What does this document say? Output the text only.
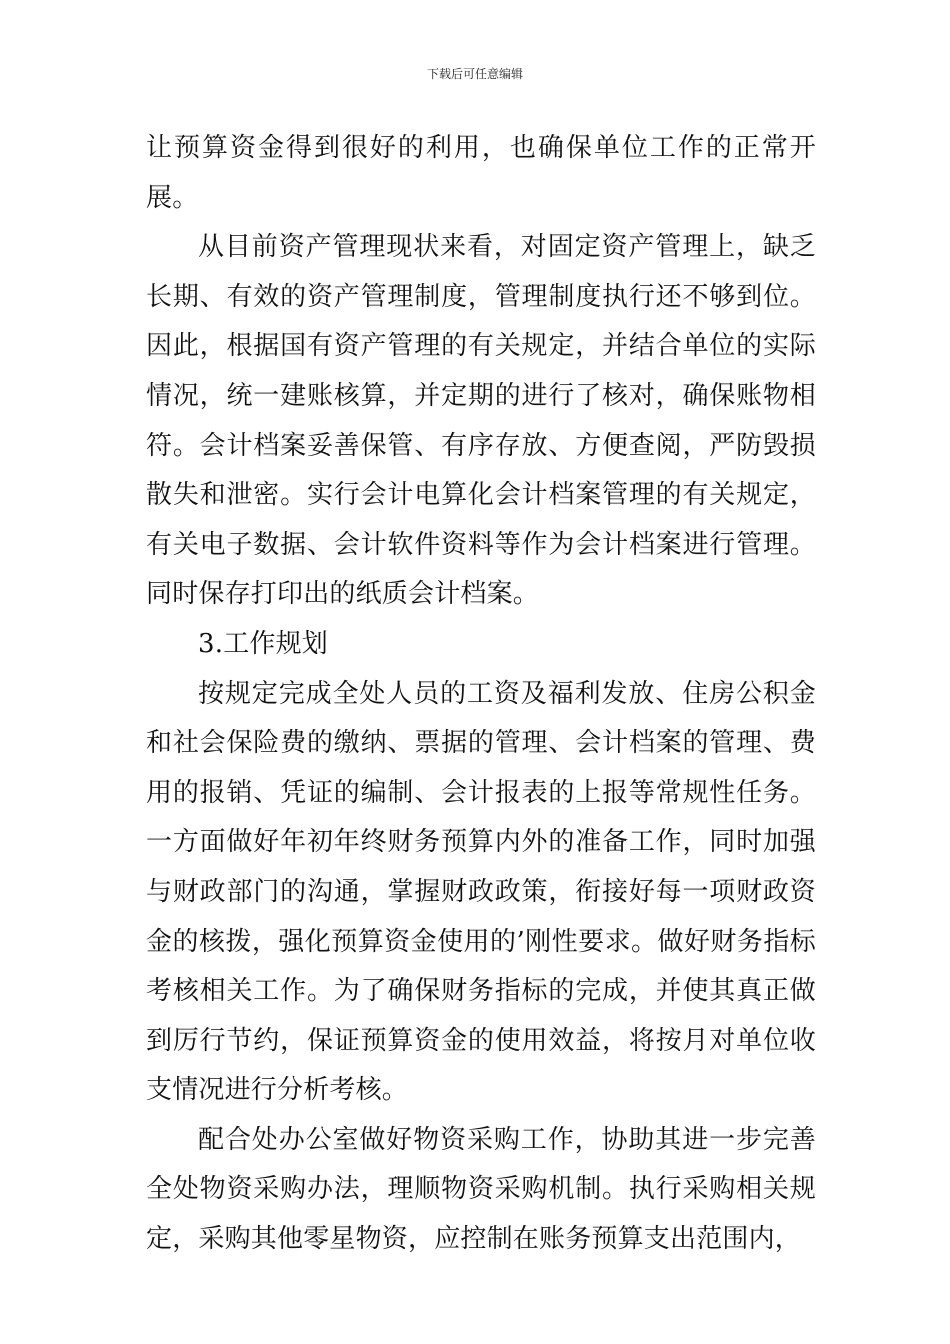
下载后可任意编辑

让预算资金得到很好的利用，也确保单位工作的正常开展。

从目前资产管理现状来看，对固定资产管理上，缺乏长期、有效的资产管理制度，管理制度执行还不够到位。因此，根据国有资产管理的有关规定，并结合单位的实际情况，统一建账核算，并定期的进行了核对，确保账物相符。会计档案妥善保管、有序存放、方便查阅，严防毁损散失和泄密。实行会计电算化会计档案管理的有关规定，有关电子数据、会计软件资料等作为会计档案进行管理。同时保存打印出的纸质会计档案。

3.工作规划

按规定完成全处人员的工资及福利发放、住房公积金和社会保险费的缴纳、票据的管理、会计档案的管理、费用的报销、凭证的编制、会计报表的上报等常规性任务。一方面做好年初年终财务预算内外的准备工作，同时加强与财政部门的沟通，掌握财政政策，衔接好每一项财政资金的核拨，强化预算资金使用的’刚性要求。做好财务指标考核相关工作。为了确保财务指标的完成，并使其真正做到厉行节约，保证预算资金的使用效益，将按月对单位收支情况进行分析考核。

配合处办公室做好物资采购工作，协助其进一步完善全处物资采购办法，理顺物资采购机制。执行采购相关规定，采购其他零星物资，应控制在账务预算支出范围内，
